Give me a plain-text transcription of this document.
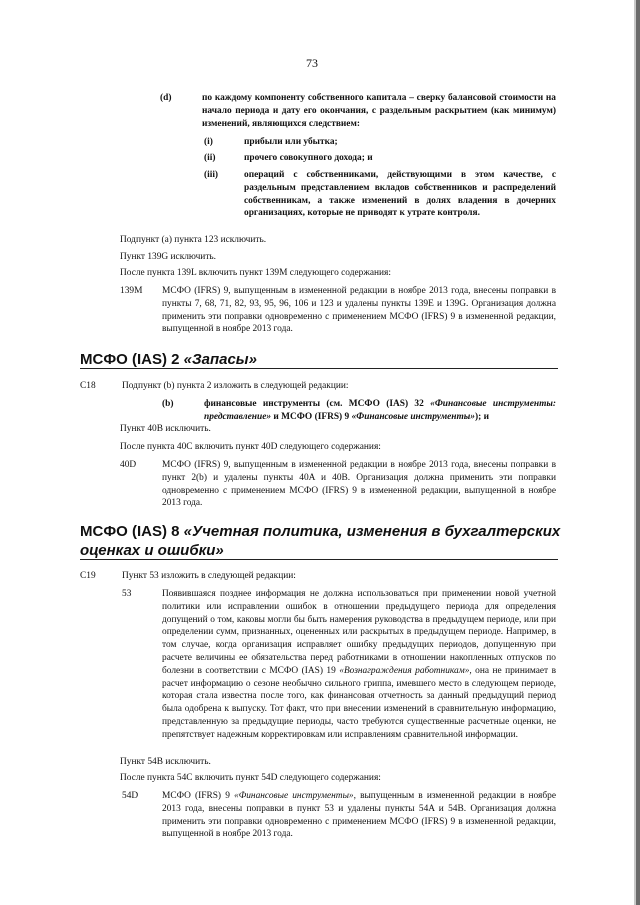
73
(d)	по каждому компоненту собственного капитала – сверку балансовой стоимости на начало периода и дату его окончания, с раздельным раскрытием (как минимум) изменений, являющихся следствием:
(i)	прибыли или убытка;
(ii)	прочего совокупного дохода; и
(iii)	операций с собственниками, действующими в этом качестве, с раздельным представлением вкладов собственников и распределений собственникам, а также изменений в долях владения в дочерних организациях, которые не приводят к утрате контроля.
Подпункт (a) пункта 123 исключить.
Пункт 139G исключить.
После пункта 139L включить пункт 139M следующего содержания:
139M МСФО (IFRS) 9, выпущенным в измененной редакции в ноябре 2013 года, внесены поправки в пункты 7, 68, 71, 82, 93, 95, 96, 106 и 123 и удалены пункты 139E и 139G. Организация должна применить эти поправки одновременно с применением МСФО (IFRS) 9 в измененной редакции, выпущенной в ноябре 2013 года.
МСФО (IAS) 2 «Запасы»
C18	Подпункт (b) пункта 2 изложить в следующей редакции:
(b)	финансовые инструменты (см. МСФО (IAS) 32 «Финансовые инструменты: представление» и МСФО (IFRS) 9 «Финансовые инструменты»); и
Пункт 40B исключить.
После пункта 40C включить пункт 40D следующего содержания:
40D	МСФО (IFRS) 9, выпущенным в измененной редакции в ноябре 2013 года, внесены поправки в пункт 2(b) и удалены пункты 40A и 40B. Организация должна применить эти поправки одновременно с применением МСФО (IFRS) 9 в измененной редакции, выпущенной в ноябре 2013 года.
МСФО (IAS) 8 «Учетная политика, изменения в бухгалтерских
оценках и ошибки»
C19	Пункт 53 изложить в следующей редакции:
53	Появившаяся позднее информация не должна использоваться при применении новой учетной политики или исправлении ошибок в отношении предыдущего периода для определения допущений о том, каковы могли бы быть намерения руководства в предыдущем периоде, или при определении сумм, признанных, оцененных или раскрытых в предыдущем периоде. Например, в том случае, когда организация исправляет ошибку предыдущих периодов, допущенную при расчете величины ее обязательства перед работниками в отношении накопленных отпусков по болезни в соответствии с МСФО (IAS) 19 «Вознаграждения работникам», она не принимает в расчет информацию о сезоне необычно сильного гриппа, имевшего место в следующем периоде, которая стала известна после того, как финансовая отчетность за данный предыдущий период была одобрена к выпуску. Тот факт, что при внесении изменений в сравнительную информацию, представленную за предыдущие периоды, часто требуются существенные расчетные оценки, не препятствует надежным корректировкам или исправлениям сравнительной информации.
Пункт 54B исключить.
После пункта 54C включить пункт 54D следующего содержания:
54D	МСФО (IFRS) 9 «Финансовые инструменты», выпущенным в измененной редакции в ноябре 2013 года, внесены поправки в пункт 53 и удалены пункты 54A и 54B. Организация должна применить эти поправки одновременно с применением МСФО (IFRS) 9 в измененной редакции, выпущенной в ноябре 2013 года.
